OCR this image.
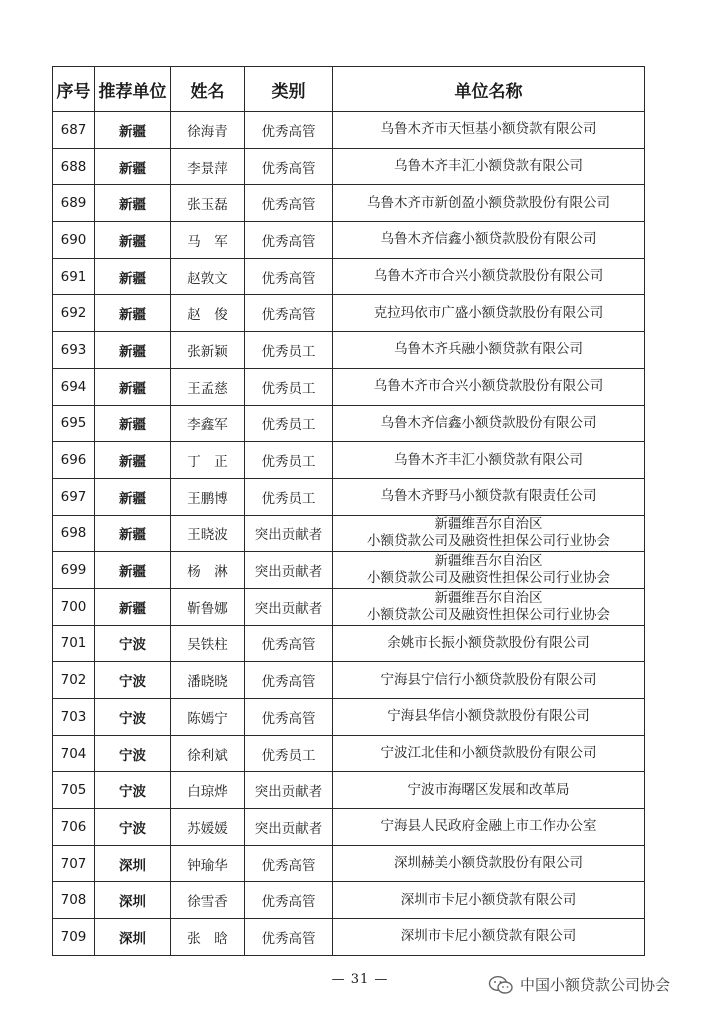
序号	推荐单位	姓名	类别	单位名称
687	新疆	徐海青	优秀高管	乌鲁木齐市天恒基小额贷款有限公司

688	新疆	李景萍	优秀高管	乌鲁木齐丰汇小额贷款有限公司

689	新疆	张玉磊	优秀高管	乌鲁木齐市新创盈小额贷款股份有限公司

690	新疆	马　军	优秀高管	乌鲁木齐信鑫小额贷款股份有限公司

691	新疆	赵敦文	优秀高管	乌鲁木齐市合兴小额贷款股份有限公司

692	新疆	赵　俊	优秀高管	克拉玛依市广盛小额贷款股份有限公司

693	新疆	张新颖	优秀员工	乌鲁木齐兵融小额贷款有限公司

694	新疆	王孟慈	优秀员工	乌鲁木齐市合兴小额贷款股份有限公司

695	新疆	李鑫军	优秀员工	乌鲁木齐信鑫小额贷款股份有限公司

696	新疆	丁　正	优秀员工	乌鲁木齐丰汇小额贷款有限公司

697	新疆	王鹏博	优秀员工	乌鲁木齐野马小额贷款有限责任公司

698	新疆	王晓波	突出贡献者	新疆维吾尔自治区
小额贷款公司及融资性担保公司行业协会

699	新疆	杨　淋	突出贡献者	新疆维吾尔自治区
小额贷款公司及融资性担保公司行业协会

700	新疆	靳鲁娜	突出贡献者	新疆维吾尔自治区
小额贷款公司及融资性担保公司行业协会

701	宁波	吴铁柱	优秀高管	余姚市长振小额贷款股份有限公司

702	宁波	潘晓晓	优秀高管	宁海县宁信行小额贷款股份有限公司

703	宁波	陈嫣宁	优秀高管	宁海县华信小额贷款股份有限公司

704	宁波	徐利斌	优秀员工	宁波江北佳和小额贷款股份有限公司

705	宁波	白琼烨	突出贡献者	宁波市海曙区发展和改革局

706	宁波	苏媛媛	突出贡献者	宁海县人民政府金融上市工作办公室

707	深圳	钟瑜华	优秀高管	深圳赫美小额贷款股份有限公司

708	深圳	徐雪香	优秀高管	深圳市卡尼小额贷款有限公司

709	深圳	张　晗	优秀高管	深圳市卡尼小额贷款有限公司
— 31 —	中国小额贷款公司协会
